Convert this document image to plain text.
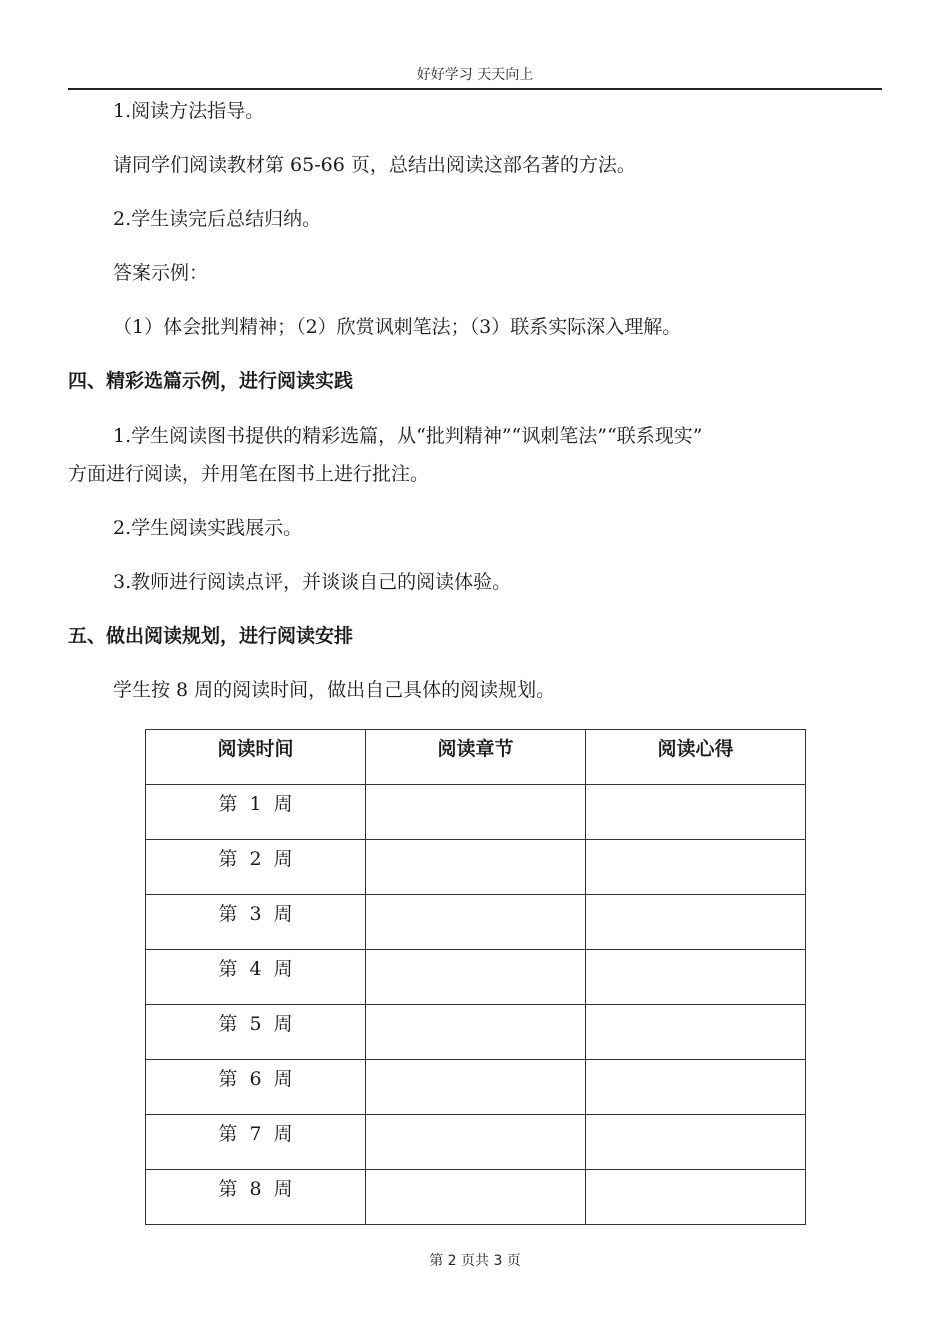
好好学习 天天向上

1.阅读方法指导。

请同学们阅读教材第 65-66 页，总结出阅读这部名著的方法。

2.学生读完后总结归纳。

答案示例：

（1）体会批判精神；（2）欣赏讽刺笔法；（3）联系实际深入理解。

四、精彩选篇示例，进行阅读实践

1.学生阅读图书提供的精彩选篇，从“批判精神”“讽刺笔法”“联系现实”

方面进行阅读，并用笔在图书上进行批注。

2.学生阅读实践展示。

3.教师进行阅读点评，并谈谈自己的阅读体验。

五、做出阅读规划，进行阅读安排

学生按 8 周的阅读时间，做出自己具体的阅读规划。

阅读时间	阅读章节	阅读心得
第 1 周		
第 2 周		
第 3 周		
第 4 周		
第 5 周		
第 6 周		
第 7 周		
第 8 周		
第 2 页共 3 页
